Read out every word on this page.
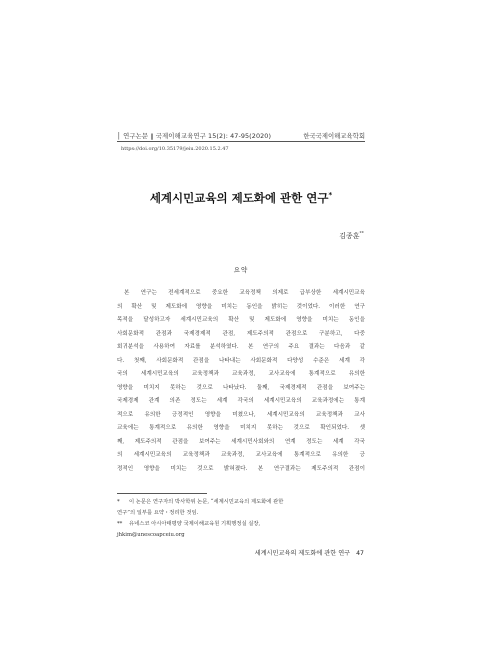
│ 연구논문 ‖ 국제이해교육연구 15(2): 47-95(2020)	한국국제이해교육학회
https://doi.org/10.35179/jeiu.2020.15.2.47
세계시민교육의 제도화에 관한 연구*
김종훈**
요약
본 연구는 전세계적으로 중요한 교육정책 의제로 급부상한 세계시민교육
의 확산 및 제도화에 영향을 미치는 동인을 밝히는 것이었다. 이러한 연구
목적을 달성하고자 세계시민교육의 확산 및 제도화에 영향을 미치는 동인을
사회문화적 관점과 국제경제적 관점, 제도주의적 관점으로 구분하고, 다중
회귀분석을 사용하여 자료를 분석하였다. 본 연구의 주요 결과는 다음과 같
다. 첫째, 사회문화적 관점을 나타내는 사회문화적 다양성 수준은 세계 각
국의 세계시민교육의 교육정책과 교육과정, 교사교육에 통계적으로 유의한
영향을 미치지 못하는 것으로 나타났다. 둘째, 국제경제적 관점을 보여주는
국제경제 관계 의존 정도는 세계 각국의 세계시민교육의 교육과정에는 통계
적으로 유의한 긍정적인 영향을 미쳤으나, 세계시민교육의 교육정책과 교사
교육에는 통계적으로 유의한 영향을 미치지 못하는 것으로 확인되었다. 셋
째, 제도주의적 관점을 보여주는 세계시민사회와의 연계 정도는 세계 각국
의 세계시민교육의 교육정책과 교육과정, 교사교육에 통계적으로 유의한 긍
정적인 영향을 미치는 것으로 밝혀졌다. 본 연구결과는 제도주의적 관점이
*	이 논문은 연구자의 박사학위 논문, “세계시민교육의 제도화에 관한
연구”의 일부를 요약・정리한 것임.
**	유네스코 아시아태평양 국제이해교육원 기획행정실 실장,
jhkim@unescoapceiu.org
세계시민교육의 제도화에 관한 연구 47
